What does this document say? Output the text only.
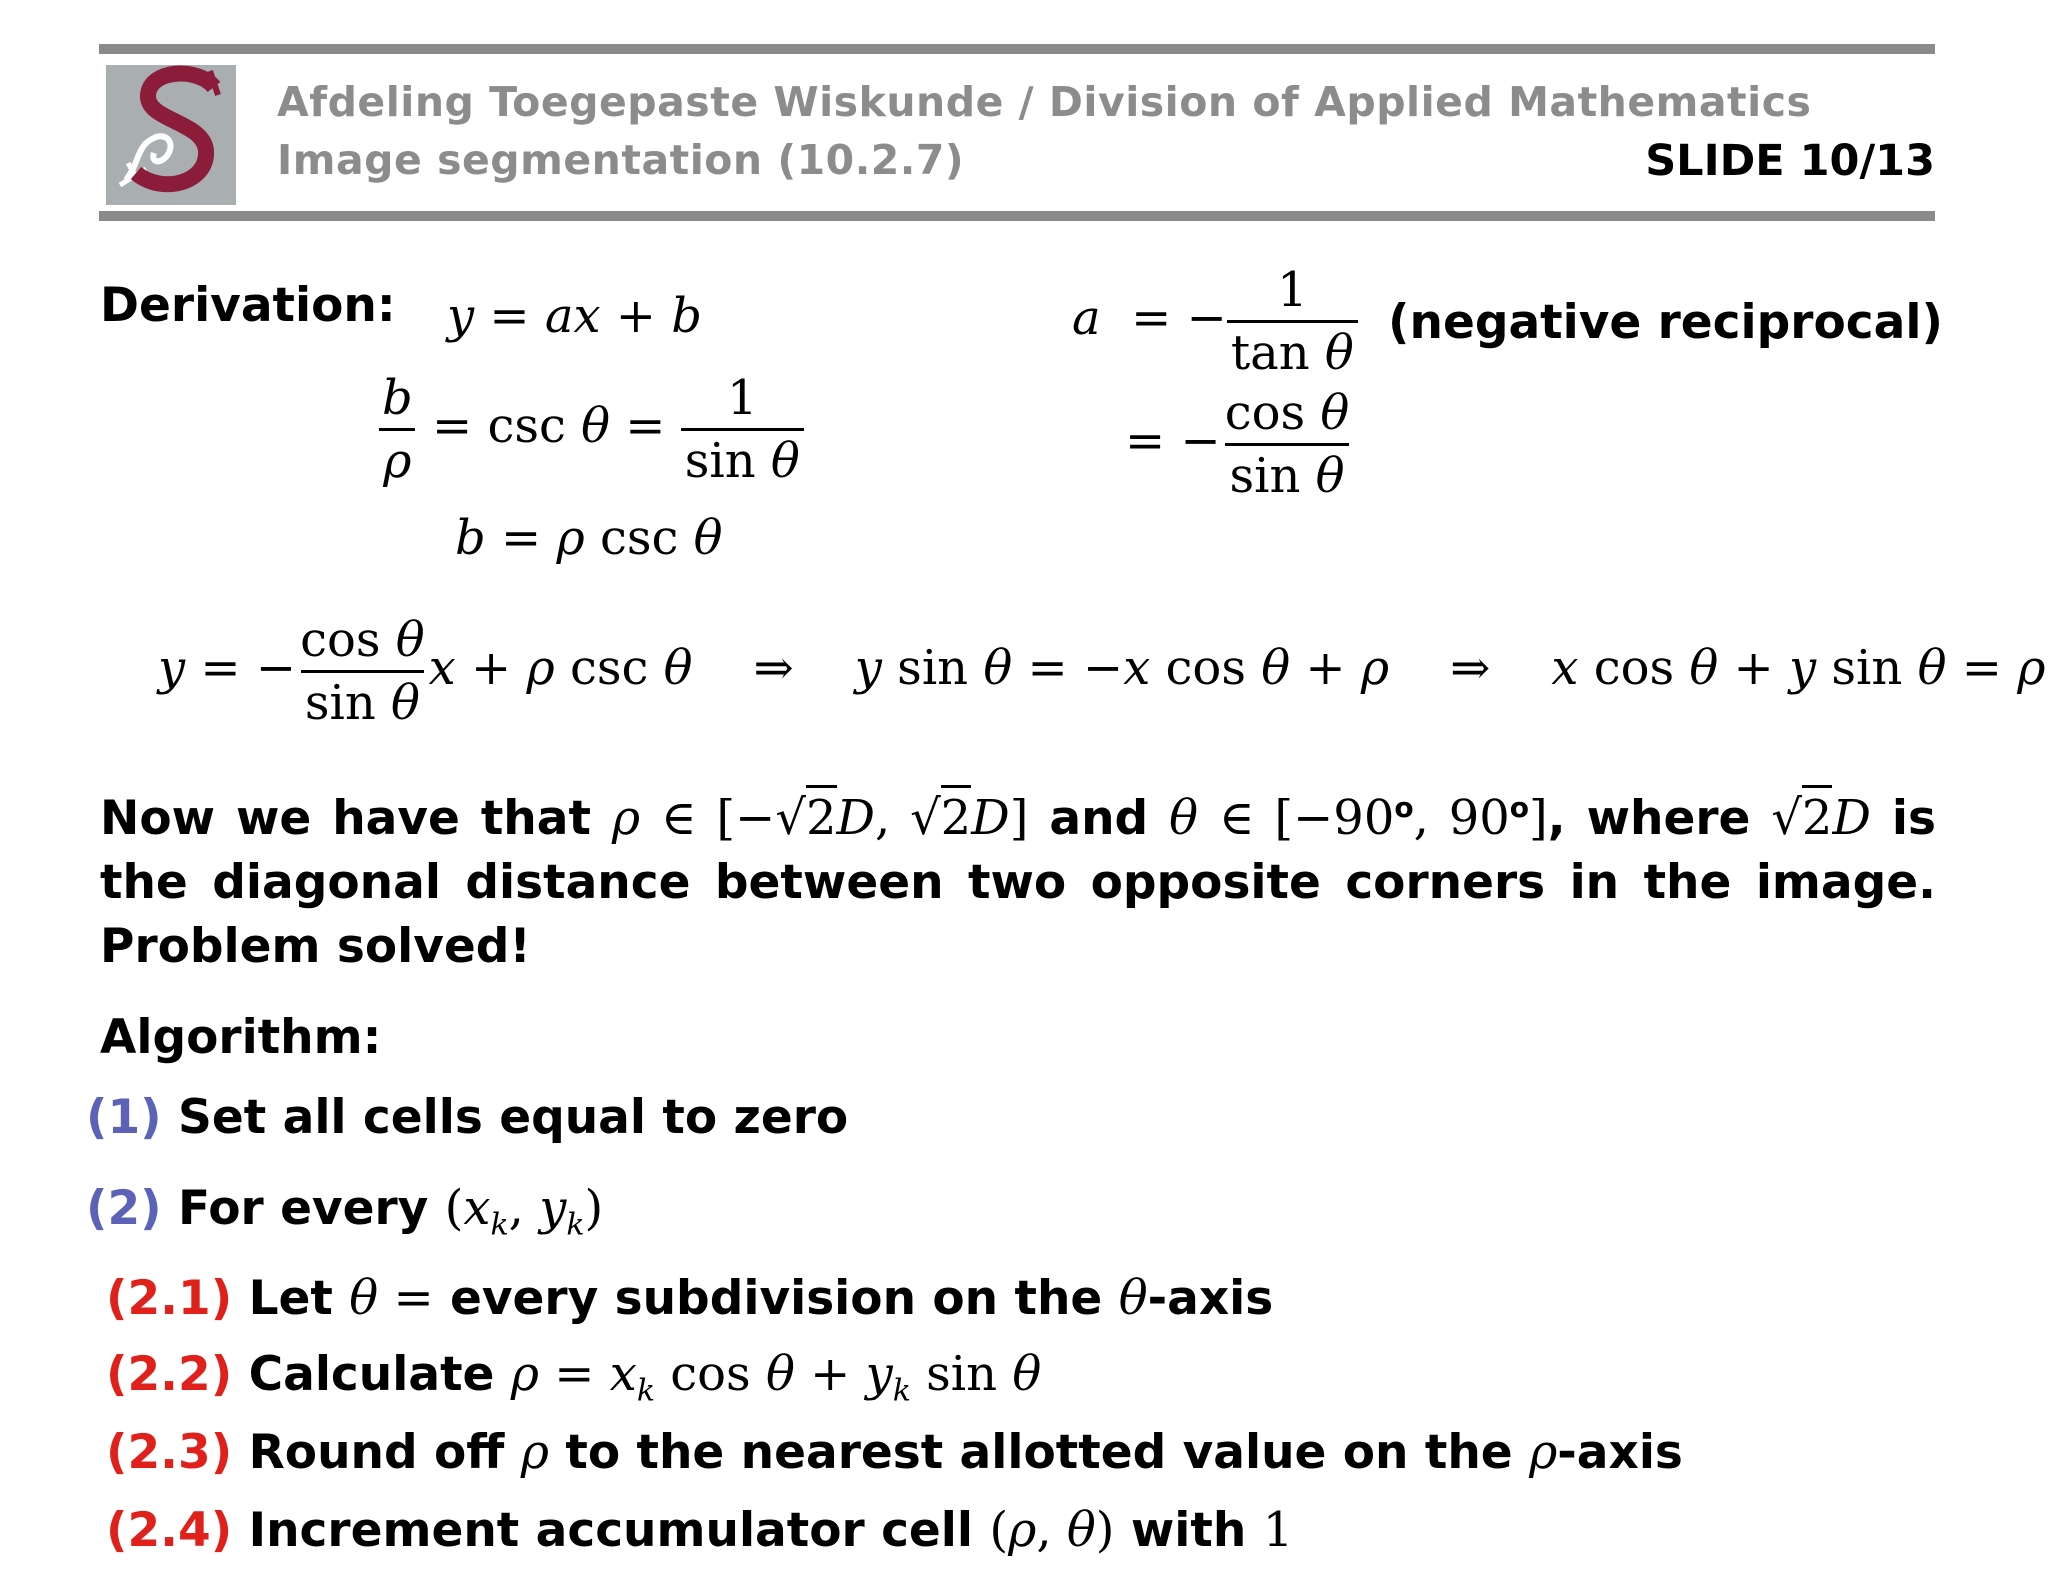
Afdeling Toegepaste Wiskunde / Division of Applied Mathematics
Image segmentation (10.2.7)	SLIDE 10/13
Derivation: y = ax + b
$\frac{b}{\rho} = \csc \theta = \frac{1}{\text{sin θ}}$
b = ρ csc θ
a  = − $\frac{1}{\text{tan θ}}$
= − $\frac{\text{cos θ}}{\text{sin θ}}$
(negative reciprocal)
y = − $\frac{\text{cos θ}}{\text{sin θ}}$ x + ρ csc θ    ⇒    y sin θ = −x cos θ + ρ    ⇒    x cos θ + y sin θ = ρ
Now we have that ρ ∈ [−√2D, √2D] and θ ∈ [$-90^o$, 90$^o$], where √2D is the diagonal distance between two opposite corners in the image. Problem solved!
Algorithm:
(1) Set all cells equal to zero
(2) For every ($x_k$, $y_k$)
(2.1) Let θ = every subdivision on the θ-axis
(2.2) Calculate $\rho = x_k$ $\cos \theta + y_k$ sin θ
(2.3) Round off ρ to the nearest allotted value on the ρ-axis
(2.4) Increment accumulator cell (ρ, θ) with 1
